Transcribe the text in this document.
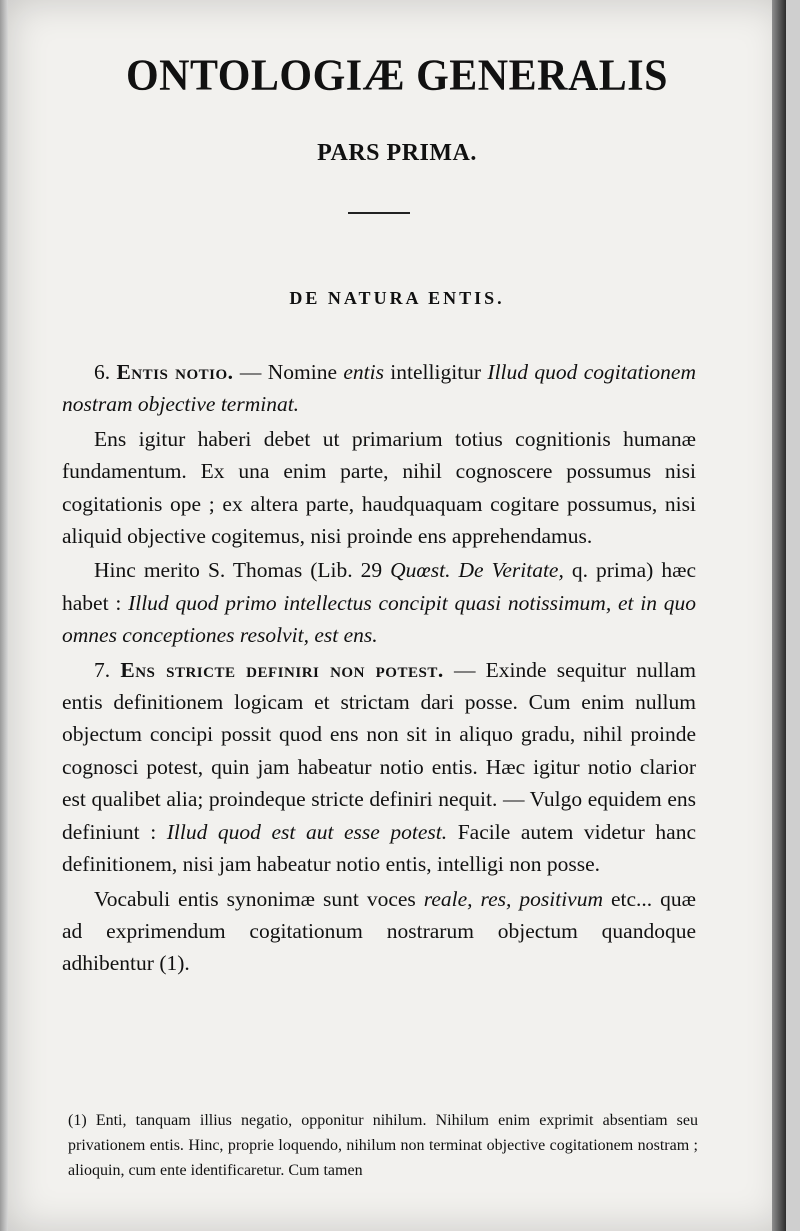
ONTOLOGIÆ GENERALIS
PARS PRIMA.
DE NATURA ENTIS.

6. Entis notio. — Nomine entis intelligitur Illud quod cogitationem nostram objective terminat.

Ens igitur haberi debet ut primarium totius cognitionis humanæ fundamentum. Ex una enim parte, nihil cognoscere possumus nisi cogitationis ope ; ex altera parte, haudquaquam cogitare possumus, nisi aliquid objective cogitemus, nisi proinde ens apprehendamus.

Hinc merito S. Thomas (Lib. 29 Quœst. De Veritate, q. prima) hæc habet : Illud quod primo intellectus concipit quasi notissimum, et in quo omnes conceptiones resolvit, est ens.

7. Ens stricte definiri non potest. — Exinde sequitur nullam entis definitionem logicam et strictam dari posse. Cum enim nullum objectum concipi possit quod ens non sit in aliquo gradu, nihil proinde cognosci potest, quin jam habeatur notio entis. Hæc igitur notio clarior est qualibet alia; proindeque stricte definiri nequit. — Vulgo equidem ens definiunt : Illud quod est aut esse potest. Facile autem videtur hanc definitionem, nisi jam habeatur notio entis, intelligi non posse.

Vocabuli entis synonimæ sunt voces reale, res, positivum etc... quæ ad exprimendum cogitationum nostrarum objectum quandoque adhibentur (1).

(1) Enti, tanquam illius negatio, opponitur nihilum. Nihilum enim exprimit absentiam seu privationem entis. Hinc, proprie loquendo, nihilum non terminat objective cogitationem nostram ; alioquin, cum ente identificaretur. Cum tamen
